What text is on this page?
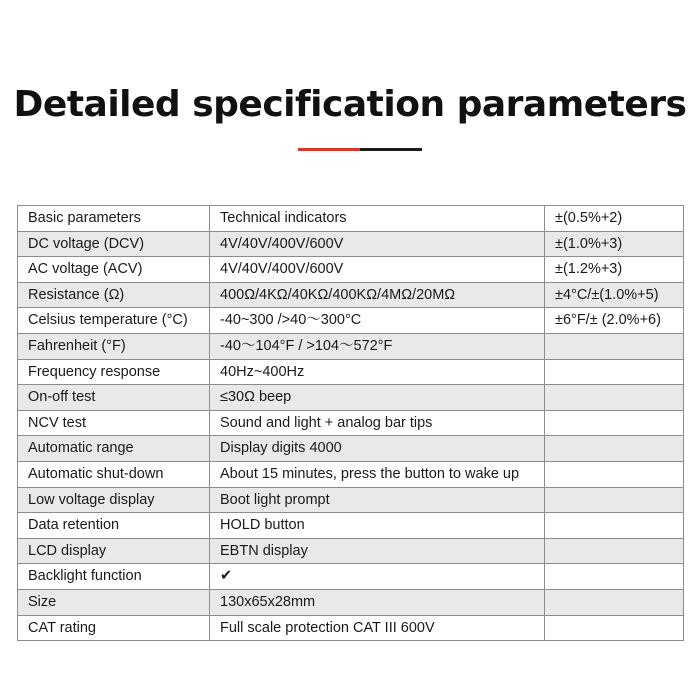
Detailed specification parameters
Basic parameters	Technical indicators	±(0.5%+2)
DC voltage (DCV)	4V/40V/400V/600V	±(1.0%+3)
AC voltage (ACV)	4V/40V/400V/600V	±(1.2%+3)
Resistance (Ω)	400Ω/4KΩ/40KΩ/400KΩ/4MΩ/20MΩ	±4°C/±(1.0%+5)
Celsius temperature (°C)	-40~300 />40～300°C	±6°F/± (2.0%+6)
Fahrenheit (°F)	-40～104°F / >104～572°F	
Frequency response	40Hz~400Hz	
On-off test	≤30Ω beep	
NCV test	Sound and light + analog bar tips	
Automatic range	Display digits 4000	
Automatic shut-down	About 15 minutes, press the button to wake up	
Low voltage display	Boot light prompt	
Data retention	HOLD button	
LCD display	EBTN display	
Backlight function	✔	
Size	130x65x28mm	
CAT rating	Full scale protection CAT III 600V	
